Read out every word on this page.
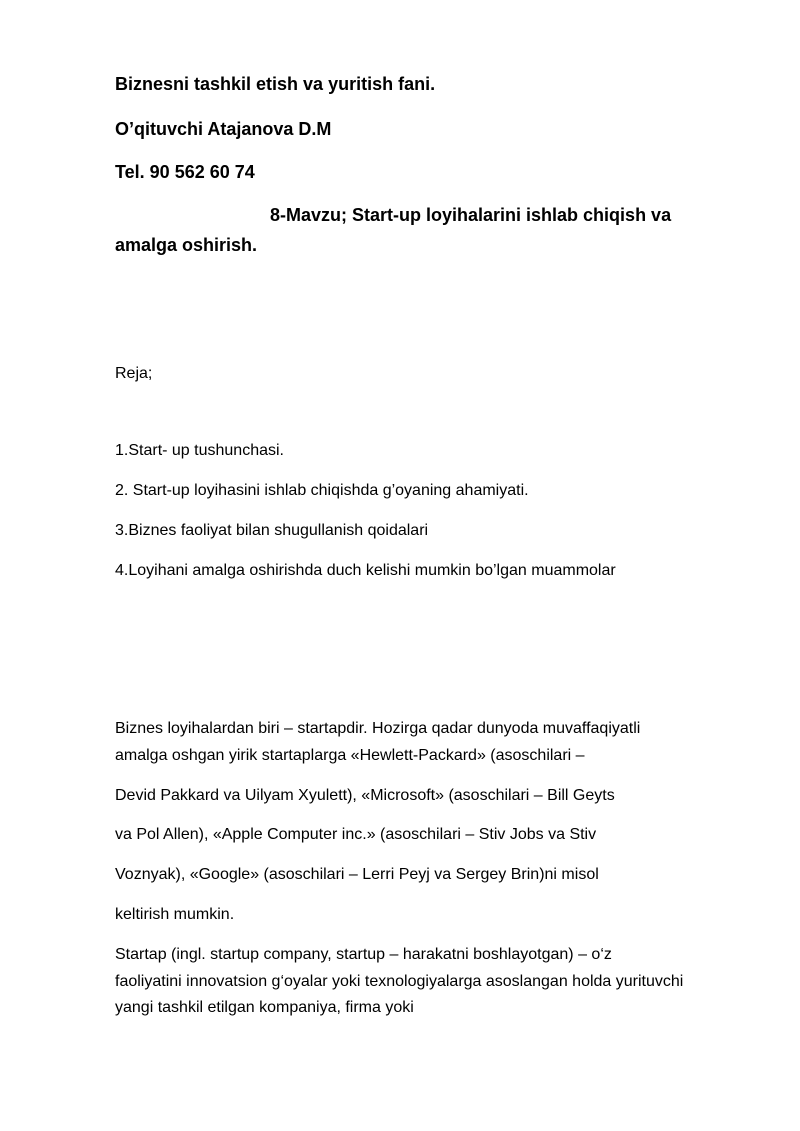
Biznesni tashkil etish va yuritish fani.

O’qituvchi Atajanova D.M

Tel. 90 562 60 74

8-Mavzu; Start-up loyihalarini ishlab chiqish va

amalga oshirish.

Reja;

1.Start- up tushunchasi.

2. Start-up loyihasini ishlab chiqishda g’oyaning ahamiyati.

3.Biznes faoliyat bilan shugullanish qoidalari

4.Loyihani amalga oshirishda duch kelishi mumkin bo’lgan muammolar

Biznes loyihalardan biri – startapdir. Hozirga qadar dunyoda muvaffaqiyatli

amalga oshgan yirik startaplarga «Hewlett-Packard» (asoschilari –

Devid Pakkard va Uilyam Xyulett), «Microsoft» (asoschilari – Bill Geyts

va Pol Allen), «Apple Computer inc.» (asoschilari – Stiv Jobs va Stiv

Voznyak), «Google» (asoschilari – Lerri Peyj va Sergey Brin)ni misol

keltirish mumkin.

Startap (ingl. startup company, startup – harakatni boshlayotgan) – o‘z

faoliyatini innovatsion g‘oyalar yoki texnologiyalarga asoslangan holda yurituvchi

yangi tashkil etilgan kompaniya, firma yoki
